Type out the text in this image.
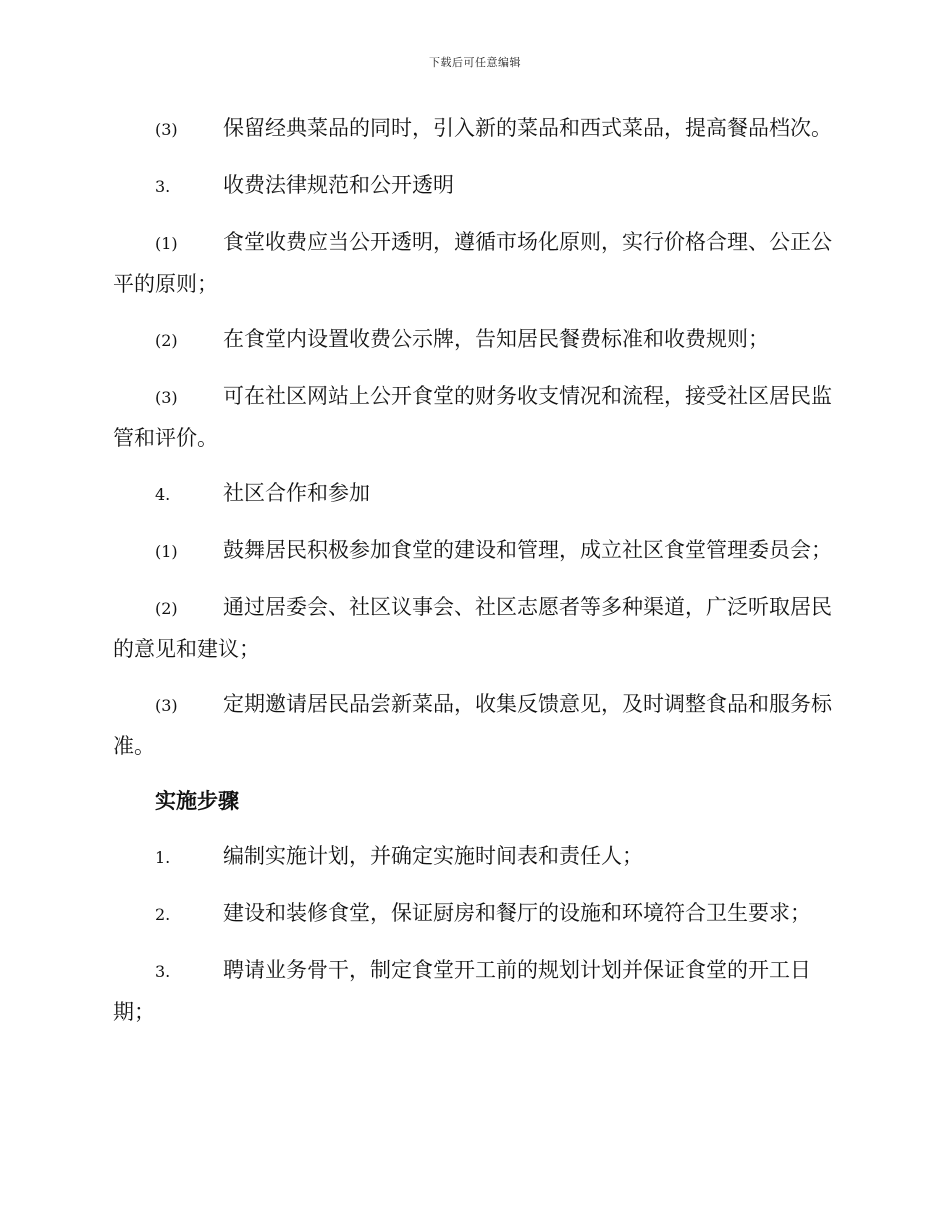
下载后可任意编辑

(3) 保留经典菜品的同时，引入新的菜品和西式菜品，提高餐品档次。

3.	收费法律规范和公开透明

(1) 食堂收费应当公开透明，遵循市场化原则，实行价格合理、公正公平的原则；

(2) 在食堂内设置收费公示牌，告知居民餐费标准和收费规则；

(3) 可在社区网站上公开食堂的财务收支情况和流程，接受社区居民监管和评价。

4.	社区合作和参加

(1) 鼓舞居民积极参加食堂的建设和管理，成立社区食堂管理委员会；

(2) 通过居委会、社区议事会、社区志愿者等多种渠道，广泛听取居民的意见和建议；

(3) 定期邀请居民品尝新菜品，收集反馈意见，及时调整食品和服务标准。

实施步骤

1.	编制实施计划，并确定实施时间表和责任人；

2.	建设和装修食堂，保证厨房和餐厅的设施和环境符合卫生要求；

3.	聘请业务骨干，制定食堂开工前的规划计划并保证食堂的开工日期；
